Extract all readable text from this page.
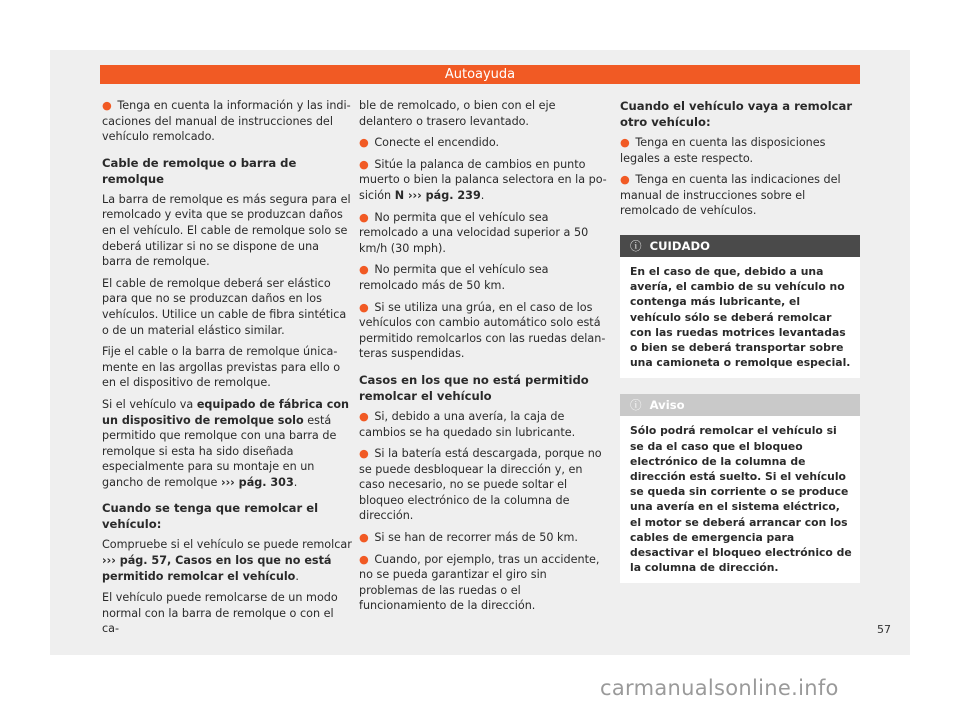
Autoayuda

● Tenga en cuenta la información y las indicaciones del manual de instrucciones del vehículo remolcado.

Cable de remolque o barra de remolque

La barra de remolque es más segura para el remolcado y evita que se produzcan daños en el vehículo. El cable de remolque solo se deberá utilizar si no se dispone de una barra de remolque.

El cable de remolque deberá ser elástico para que no se produzcan daños en los vehículos. Utilice un cable de fibra sintética o de un material elástico similar.

Fije el cable o la barra de remolque únicamente en las argollas previstas para ello o en el dispositivo de remolque.

Si el vehículo va equipado de fábrica con un dispositivo de remolque solo está permitido que remolque con una barra de remolque si esta ha sido diseñada especialmente para su montaje en un gancho de remolque ››› pág. 303.

Cuando se tenga que remolcar el vehículo:

Compruebe si el vehículo se puede remolcar ››› pág. 57, Casos en los que no está permitido remolcar el vehículo.

El vehículo puede remolcarse de un modo normal con la barra de remolque o con el ca-

ble de remolcado, o bien con el eje delantero o trasero levantado.

● Conecte el encendido.

● Sitúe la palanca de cambios en punto muerto o bien la palanca selectora en la posición N ››› pág. 239.

● No permita que el vehículo sea remolcado a una velocidad superior a 50 km/h (30 mph).

● No permita que el vehículo sea remolcado más de 50 km.

● Si se utiliza una grúa, en el caso de los vehículos con cambio automático solo está permitido remolcarlos con las ruedas delanteras suspendidas.

Casos en los que no está permitido remolcar el vehículo

● Si, debido a una avería, la caja de cambios se ha quedado sin lubricante.

● Si la batería está descargada, porque no se puede desbloquear la dirección y, en caso necesario, no se puede soltar el bloqueo electrónico de la columna de dirección.

● Si se han de recorrer más de 50 km.

● Cuando, por ejemplo, tras un accidente, no se pueda garantizar el giro sin problemas de las ruedas o el funcionamiento de la dirección.

Cuando el vehículo vaya a remolcar otro vehículo:

● Tenga en cuenta las disposiciones legales a este respecto.

● Tenga en cuenta las indicaciones del manual de instrucciones sobre el remolcado de vehículos.

ⓘ CUIDADO
En el caso de que, debido a una avería, el cambio de su vehículo no contenga más lubricante, el vehículo sólo se deberá remolcar con las ruedas motrices levantadas o bien se deberá transportar sobre una camioneta o remolque especial.
ⓘ Aviso
Sólo podrá remolcar el vehículo si se da el caso que el bloqueo electrónico de la columna de dirección está suelto. Si el vehículo se queda sin corriente o se produce una avería en el sistema eléctrico, el motor se deberá arrancar con los cables de emergencia para desactivar el bloqueo electrónico de la columna de dirección.
57
carmanualsonline.info
